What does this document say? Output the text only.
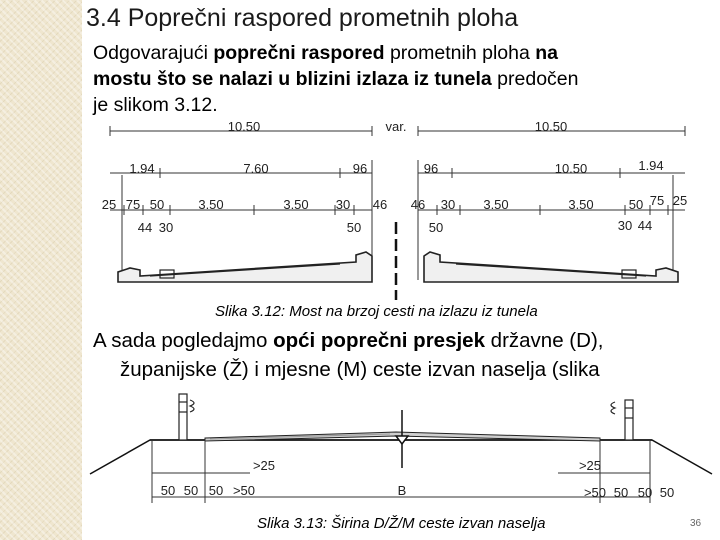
3.4 Poprečni raspored prometnih ploha
Odgovarajući poprečni raspored prometnih ploha na
mostu što se nalazi u blizini izlaza iz tunela predočen
je slikom 3.12.
10.50	var.	10.50
1.94	7.60	96	96	10.50	1.94
25 75 50	3.50	3.50 30 46 46 30 3.50	3.50	50 75 25
44 30	50	50	30 44
Slika 3.12: Most na brzoj cesti na izlazu iz tunela
A sada pogledajmo opći poprečni presjek državne (D),
županijske (Ž) i mjesne (M) ceste izvan naselja (slika
>25	>25
B
50 50 50 >50	>50 50 50 50
Slika 3.13: Širina D/Ž/M ceste izvan naselja	36
